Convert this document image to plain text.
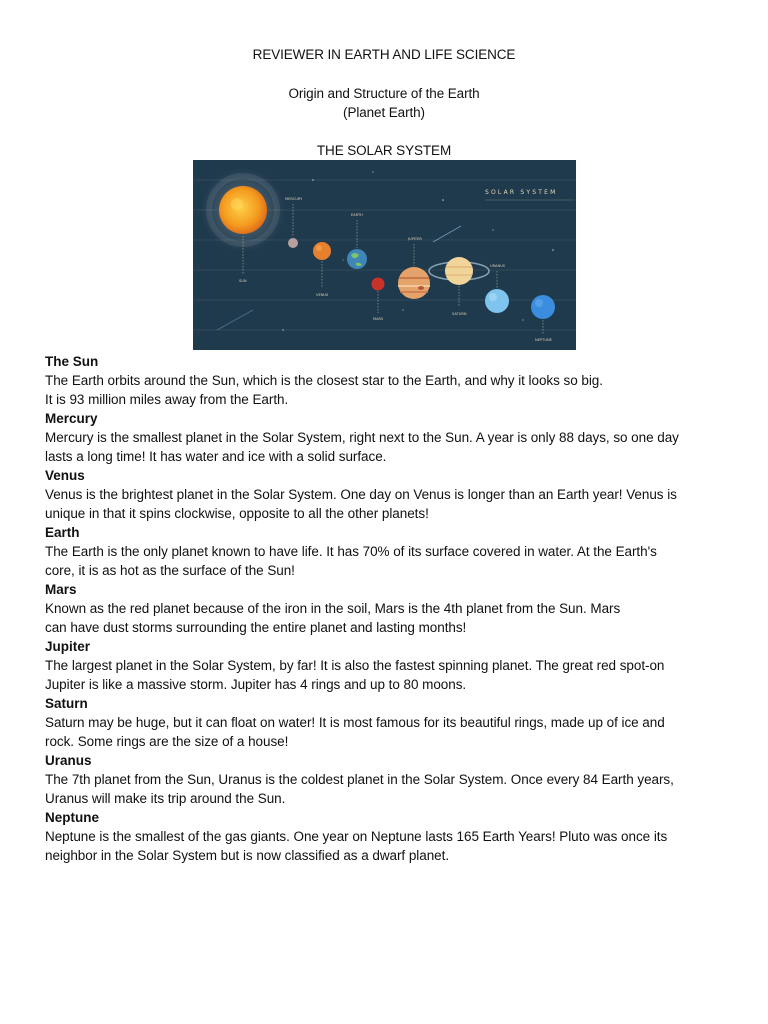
REVIEWER IN EARTH AND LIFE SCIENCE
Origin and Structure of the Earth
(Planet Earth)
THE SOLAR SYSTEM
SOLAR SYSTEM
SUN
MERCURY
VENUS
EARTH
MARS
JUPITER
SATURN
URANUS
NEPTUNE
The Sun

The Earth orbits around the Sun, which is the closest star to the Earth, and why it looks so big.
It is 93 million miles away from the Earth.

Mercury

Mercury is the smallest planet in the Solar System, right next to the Sun. A year is only 88 days, so one day
lasts a long time! It has water and ice with a solid surface.

Venus

Venus is the brightest planet in the Solar System. One day on Venus is longer than an Earth year! Venus is
unique in that it spins clockwise, opposite to all the other planets!

Earth

The Earth is the only planet known to have life. It has 70% of its surface covered in water. At the Earth's
core, it is as hot as the surface of the Sun!

Mars

Known as the red planet because of the iron in the soil, Mars is the 4th planet from the Sun. Mars
can have dust storms surrounding the entire planet and lasting months!

Jupiter

The largest planet in the Solar System, by far! It is also the fastest spinning planet. The great red spot-on
Jupiter is like a massive storm. Jupiter has 4 rings and up to 80 moons.

Saturn

Saturn may be huge, but it can float on water! It is most famous for its beautiful rings, made up of ice and
rock. Some rings are the size of a house!

Uranus

The 7th planet from the Sun, Uranus is the coldest planet in the Solar System. Once every 84 Earth years,
Uranus will make its trip around the Sun.

Neptune

Neptune is the smallest of the gas giants. One year on Neptune lasts 165 Earth Years! Pluto was once its
neighbor in the Solar System but is now classified as a dwarf planet.
